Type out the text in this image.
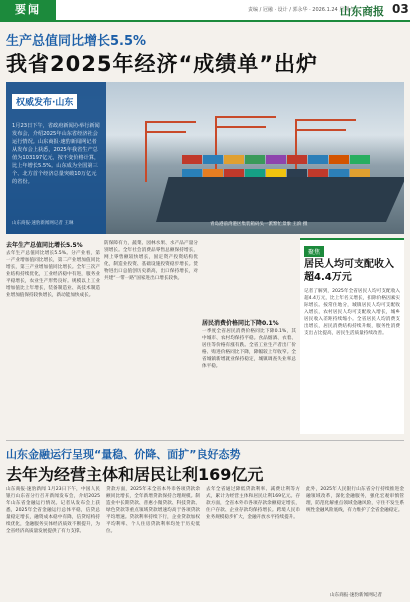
要闻	责编 / 冠融 · 设计 / 郭永华 · 2026.1.24 星期六
山东商报 03
生产总值同比增长5.5%
我省2025年经济“成绩单”出炉
青岛港前湾港区集装箱码头一派繁忙景象 王滨 摄
权威发布·山东
1月23日下午，省政府新闻办举行新闻发布会，介绍2025年山东省经济社会运行情况。山东商报·速豹新闻网记者从发布会上获悉，2025年我省生产总值为103197亿元，按不变价格计算，比上年增长5.5%。山东成为全国第三个、北方首个经济总量突破10万亿元的省份。
山东商报·速豹新闻网记者 王琳
去年生产总值同比增长5.5%
去年生产总值同比增长5.5%。分产业看，第一产业增加值同比增长，第二产业增加值同比增长，第三产业增加值同比增长。全年三次产业结构持续优化，工业经济稳中有进，服务业平稳增长，农业生产形势良好。规模以上工业增加值比上年增长，装备制造业、高技术制造业增加值保持较快增长，新动能加快成长。
防保障有力，蔬菜、园林水果、水产品产量分别增长。全年社会消费品零售总额保持增长，网上零售额较快增长，固定资产投资结构优化，制造业投资、基础设施投资稳步增长。货物进出口总值创历史新高，出口保持增长，对共建“一带一路”国家进出口增长较快。
居民消费价格同比下降0.1%
一季度全省居民消费价格同比下降0.1%，其中城市、农村均保持平稳。食品烟酒、衣着、居住等价格有涨有跌。全省工业生产者出厂价格、购进价格同比下降，降幅较上年收窄。全省城镇新增就业保持稳定，城镇调查失业率总体平稳。
聚焦
居民人均可支配收入超4.4万元
记者了解到，2025年全省居民人均可支配收入超4.4万元，比上年名义增长，扣除价格因素实际增长。按常住地分，城镇居民人均可支配收入增长，农村居民人均可支配收入增长，城乡居民收入差距持续缩小。全省居民人均消费支出增长，居民消费结构持续升级，服务性消费支出占比提高，居民生活质量持续改善。
山东金融运行呈现“量稳、价降、面扩”良好态势
去年为经营主体和居民让利169亿元
山东商报·速豹新闻 1月23日下午，中国人民银行山东省分行召开新闻发布会，介绍2025年山东省金融运行情况。记者从发布会上获悉，2025年全省金融运行总体平稳，信贷总量稳定增长，融资成本稳中有降，信贷结构持续优化，金融服务实体经济质效不断提升，为全省经济高质量发展提供了有力支撑。
贷款方面，2025年末全省本外币各项贷款余额同比增长，全年新增贷款保持合理规模。制造业中长期贷款、普惠小微贷款、科技贷款、绿色贷款等重点领域贷款增速均高于各项贷款平均增速。贷款利率持续下行，企业贷款加权平均利率、个人住房贷款利率均处于历史低位。
去年全省通过降低贷款利率、减费让利等方式，累计为经营主体和居民让利169亿元。存款方面，全省本外币各项存款余额稳定增长，住户存款、企业存款均保持增长。跨境人民币业务规模稳步扩大，金融开放水平持续提升。
此外，2025年人民银行山东省分行持续推进金融领域改革，深化金融服务，强化宏观审慎管理，防范化解重点领域金融风险，守住不发生系统性金融风险底线，有力维护了全省金融稳定。
山东商报·速豹新闻网记者
